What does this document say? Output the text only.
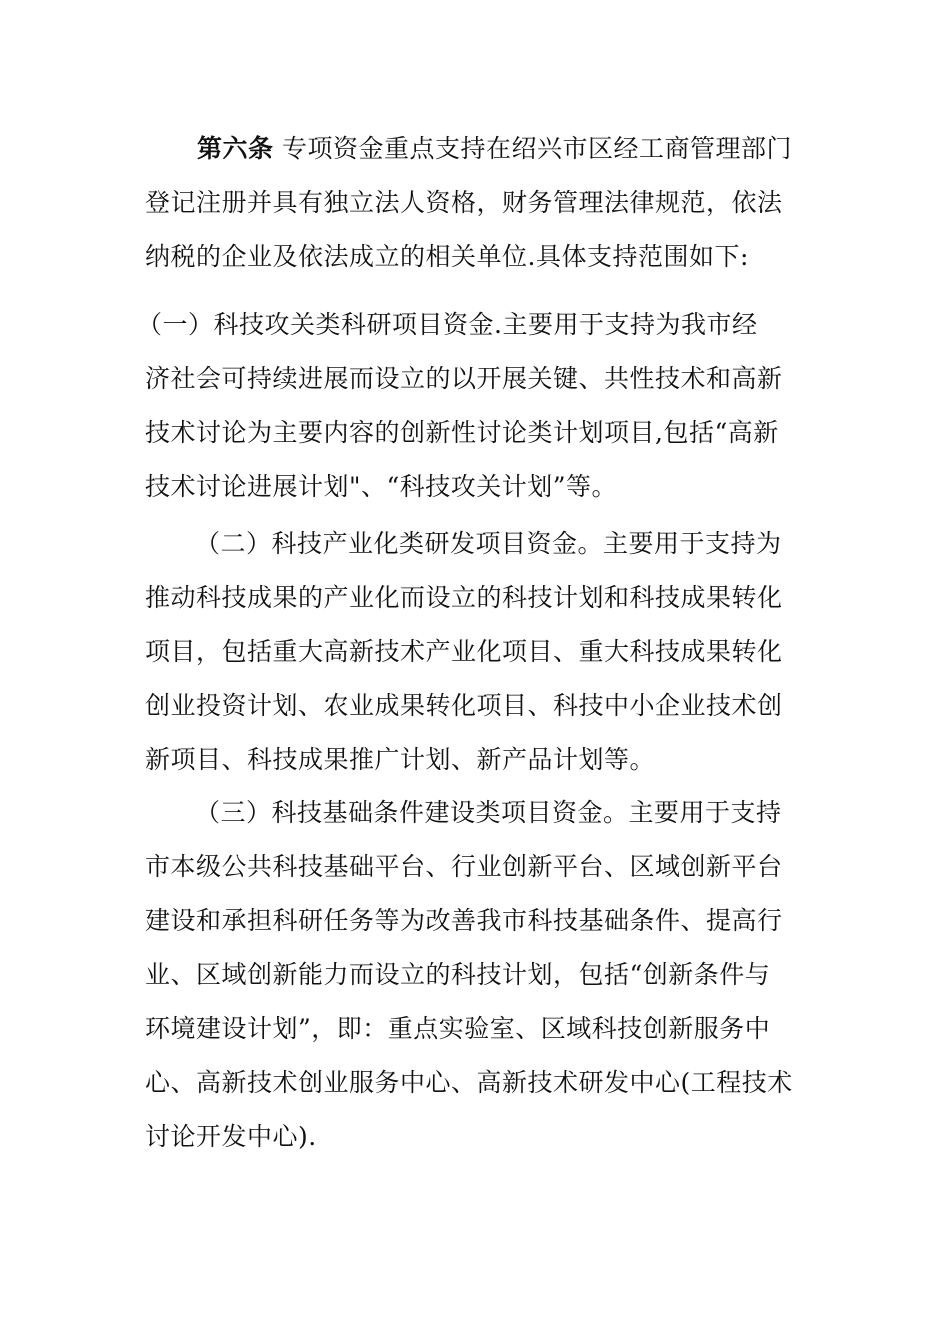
第六条 专项资金重点支持在绍兴市区经工商管理部门
登记注册并具有独立法人资格，财务管理法律规范，依法
纳税的企业及依法成立的相关单位.具体支持范围如下:
（一）科技攻关类科研项目资金.主要用于支持为我市经
济社会可持续进展而设立的以开展关键、共性技术和高新
技术讨论为主要内容的创新性讨论类计划项目,包括“高新
技术讨论进展计划"、“科技攻关计划”等。
（二）科技产业化类研发项目资金。主要用于支持为
推动科技成果的产业化而设立的科技计划和科技成果转化
项目，包括重大高新技术产业化项目、重大科技成果转化
创业投资计划、农业成果转化项目、科技中小企业技术创
新项目、科技成果推广计划、新产品计划等。
（三）科技基础条件建设类项目资金。主要用于支持
市本级公共科技基础平台、行业创新平台、区域创新平台
建设和承担科研任务等为改善我市科技基础条件、提高行
业、区域创新能力而设立的科技计划，包括“创新条件与
环境建设计划”，即：重点实验室、区域科技创新服务中
心、高新技术创业服务中心、高新技术研发中心(工程技术
讨论开发中心).
